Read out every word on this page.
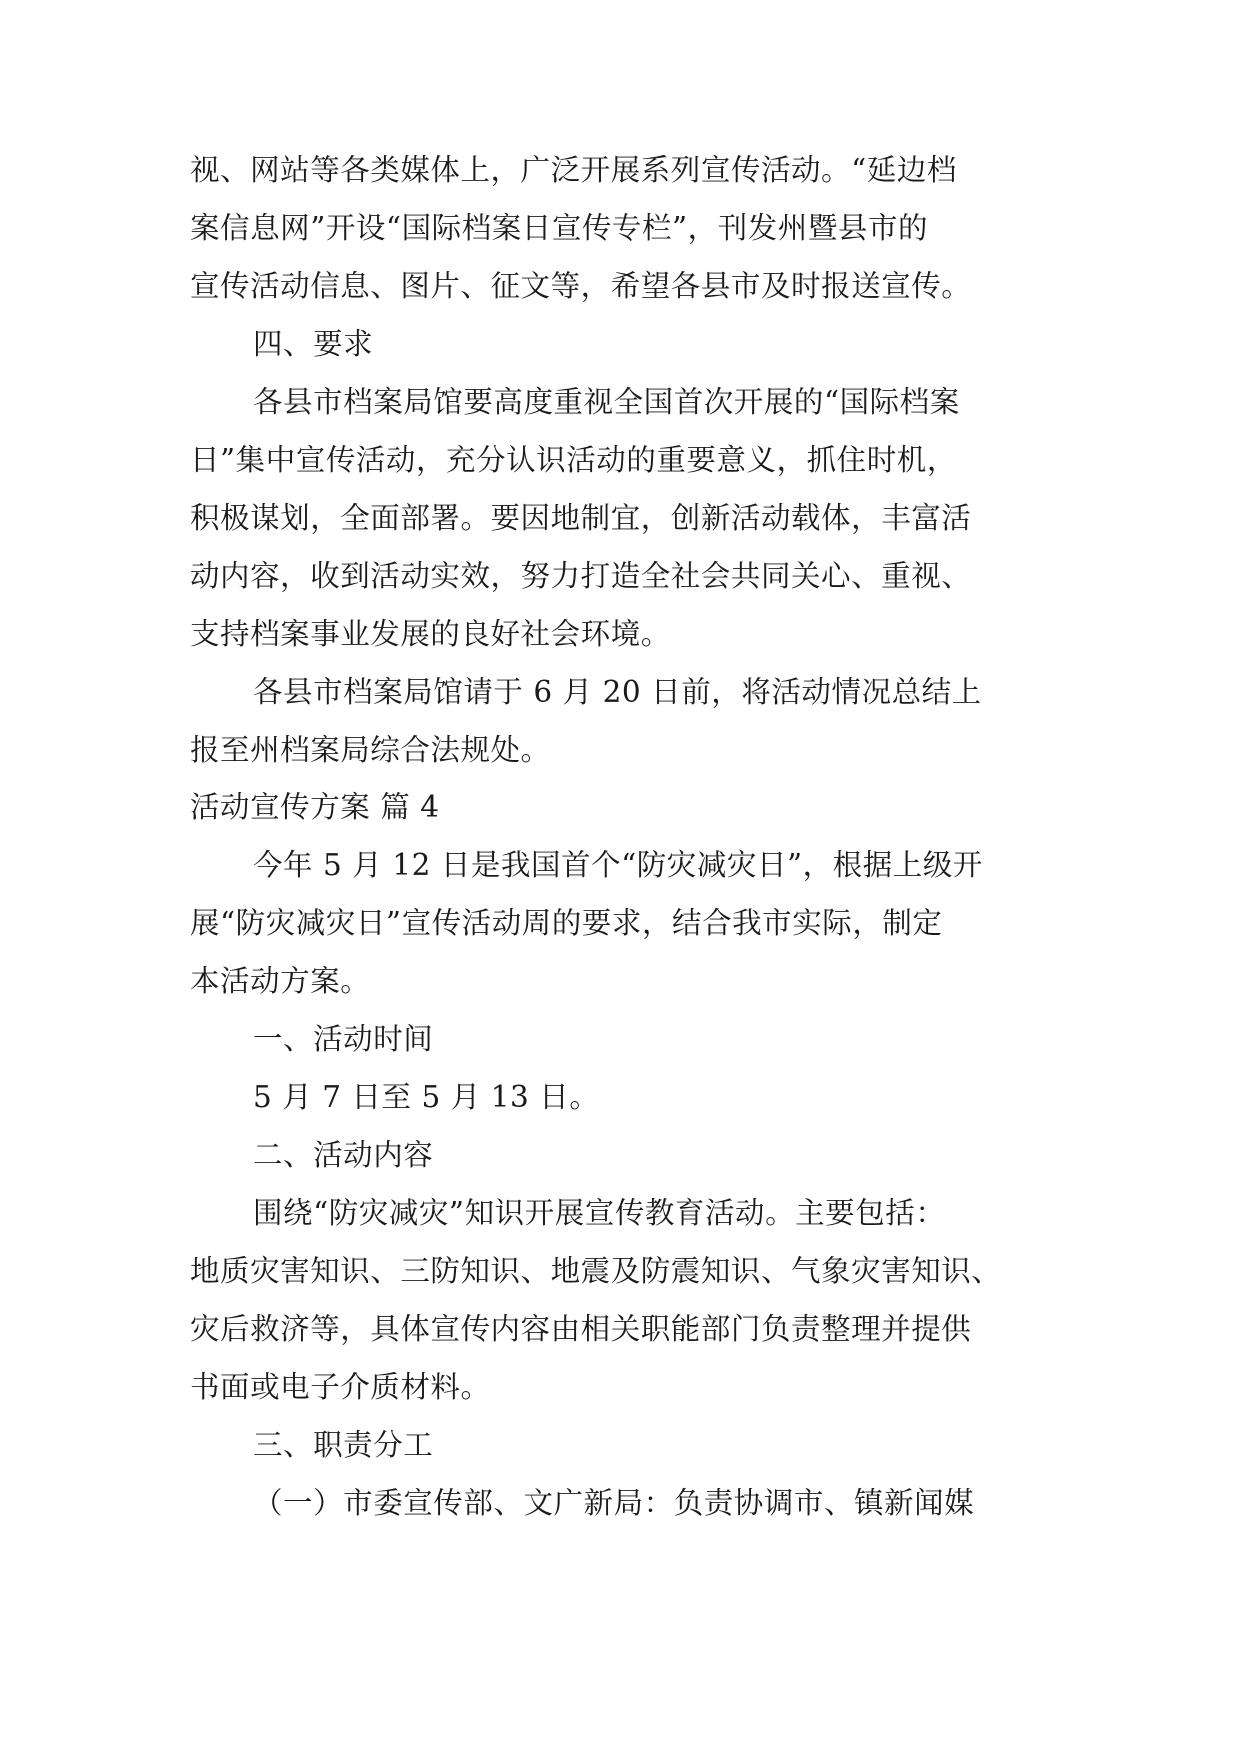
视、网站等各类媒体上，广泛开展系列宣传活动。“延边档
案信息网”开设“国际档案日宣传专栏”，刊发州暨县市的
宣传活动信息、图片、征文等，希望各县市及时报送宣传。
四、要求
各县市档案局馆要高度重视全国首次开展的“国际档案
日”集中宣传活动，充分认识活动的重要意义，抓住时机，
积极谋划，全面部署。要因地制宜，创新活动载体，丰富活
动内容，收到活动实效，努力打造全社会共同关心、重视、
支持档案事业发展的良好社会环境。
各县市档案局馆请于 6 月 20 日前，将活动情况总结上
报至州档案局综合法规处。
活动宣传方案 篇 4
今年 5 月 12 日是我国首个“防灾减灾日”，根据上级开
展“防灾减灾日”宣传活动周的要求，结合我市实际，制定
本活动方案。
一、活动时间
5 月 7 日至 5 月 13 日。
二、活动内容
围绕“防灾减灾”知识开展宣传教育活动。主要包括：
地质灾害知识、三防知识、地震及防震知识、气象灾害知识、
灾后救济等，具体宣传内容由相关职能部门负责整理并提供
书面或电子介质材料。
三、职责分工
（一）市委宣传部、文广新局：负责协调市、镇新闻媒
